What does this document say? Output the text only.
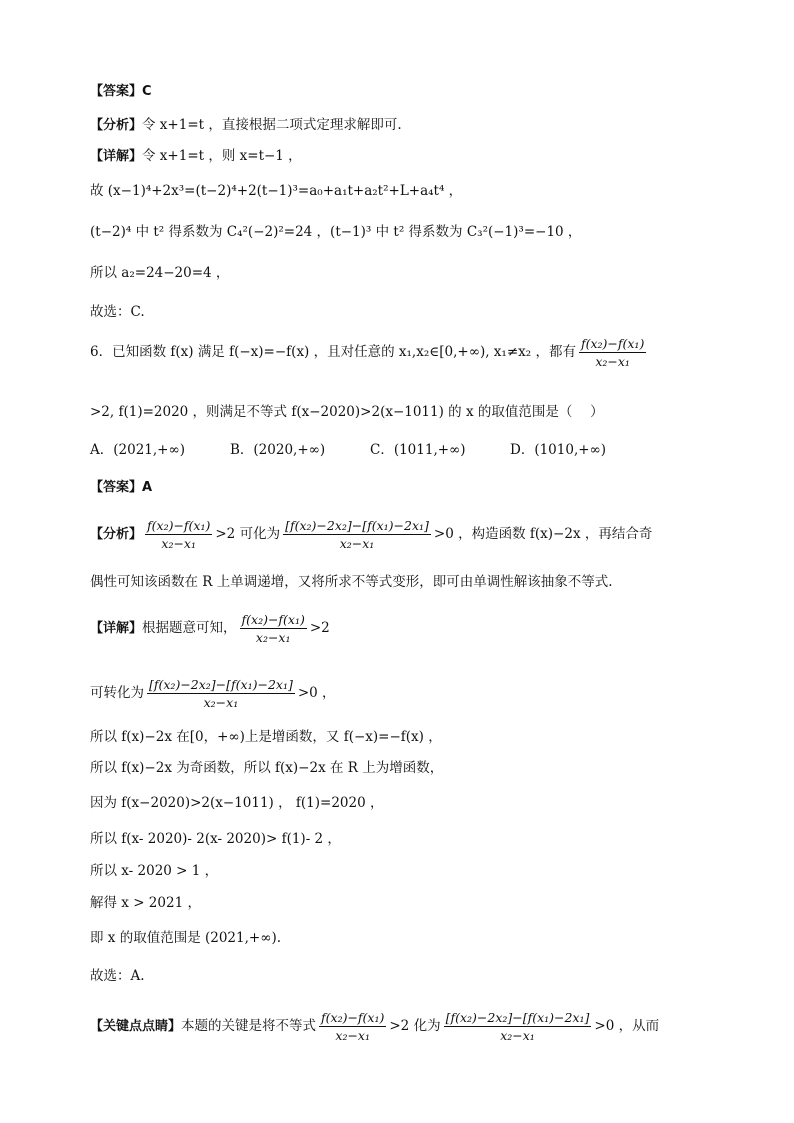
【答案】C
【分析】令 x+1=t ，直接根据二项式定理求解即可.
【详解】令 x+1=t ，则 x=t−1 ，
故 (x−1)⁴+2x³=(t−2)⁴+2(t−1)³=a₀+a₁t+a₂t²+L+a₄t⁴ ，
(t−2)⁴ 中 t² 得系数为 C₄²(−2)²=24 ，(t−1)³ 中 t² 得系数为 C₃²(−1)³=−10 ，
所以 a₂=24−20=4 ，
故选：C.
6．已知函数 f(x) 满足 f(−x)=−f(x) ，且对任意的 x₁,x₂∈[0,+∞), x₁≠x₂ ，都有 $\frac{\text{f(x₂)−f(x₁)}}{\text{x₂−x₁}}$
>2, f(1)=2020 ，则满足不等式 f(x−2020)>2(x−1011) 的 x 的取值范围是（　 ）
A．(2021,+∞)	B．(2020,+∞)	C．(1011,+∞)	D．(1010,+∞)
【答案】A
【分析】 $\frac{\text{f(x₂)−f(x₁)}}{\text{x₂−x₁}} >2$ 可化为 $\frac{\text{[f(x₂)−2x₂]−[f(x₁)−2x₁]}}{\text{x₂−x₁}} >0$ ，构造函数 f(x)−2x ，再结合奇
偶性可知该函数在 R 上单调递增，又将所求不等式变形，即可由单调性解该抽象不等式.
【详解】根据题意可知， $\frac{\text{f(x₂)−f(x₁)}}{\text{x₂−x₁}} >2$
可转化为 $\frac{\text{[f(x₂)−2x₂]−[f(x₁)−2x₁]}}{\text{x₂−x₁}} >0$ ，
所以 f(x)−2x 在[0，+∞)上是增函数，又 f(−x)=−f(x) ，
所以 f(x)−2x 为奇函数，所以 f(x)−2x 在 R 上为增函数，
因为 f(x−2020)>2(x−1011) ， f(1)=2020 ，
所以 f(x- 2020)- 2(x- 2020)> f(1)- 2 ，
所以 x- 2020 > 1 ，
解得 x > 2021 ，
即 x 的取值范围是 (2021,+∞).
故选：A.
【关键点点睛】本题的关键是将不等式 $\frac{\text{f(x₂)−f(x₁)}}{\text{x₂−x₁}} >2$ 化为 $\frac{\text{[f(x₂)−2x₂]−[f(x₁)−2x₁]}}{\text{x₂−x₁}} >0$ ，从而
